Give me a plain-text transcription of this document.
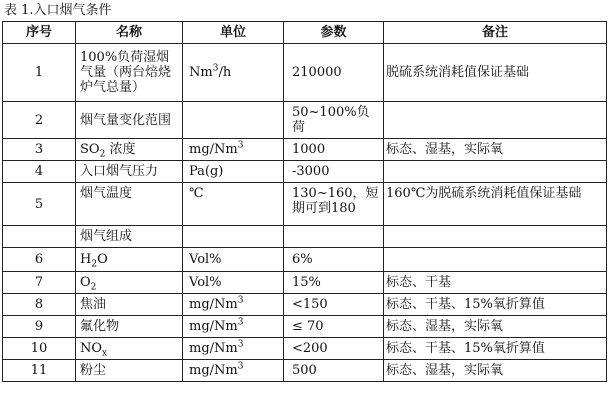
表 1.入口烟气条件
序号	名称	单位	参数	备注
1	100%负荷湿烟气量（两台焙烧炉气总量）	Nm$^3$/h	210000	脱硫系统消耗值保证基础
2	烟气量变化范围		50~100%负荷	
3	$SO_2$ 浓度	mg/Nm$^3$	1000	标态、湿基，实际氧
4	入口烟气压力	Pa(g)	-3000	
5	烟气温度	℃	130~160，短期可到180	160℃为脱硫系统消耗值保证基础
	烟气组成			
6	$H_2O$	Vol%	6%	
7	$O_2$	Vol%	15%	标态、干基
8	焦油	$mg/Nm^3$	<150	标态、干基、15%氧折算值
9	氟化物	$mg/Nm^3$	≤ 70	标态、湿基，实际氧
10	$NO_x$	$mg/Nm^3$	<200	标态、干基、15%氧折算值
11	粉尘	mg/Nm$^3$	500	标态、湿基，实际氧
